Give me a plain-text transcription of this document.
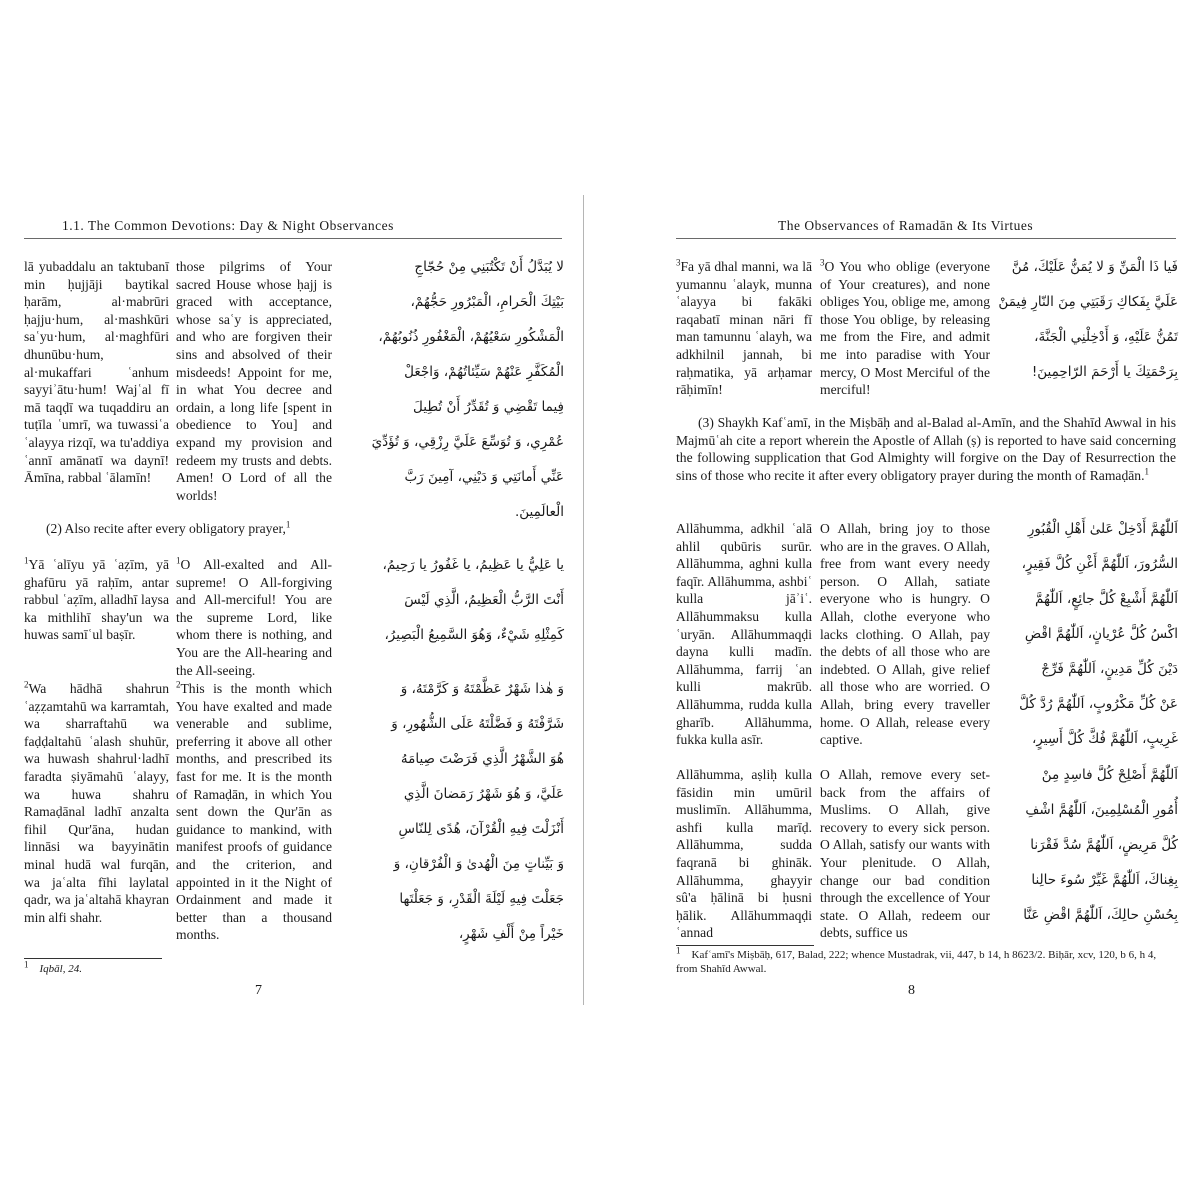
1.1. The Common Devotions: Day & Night Observances
lā yubaddalu an taktubanī min ḥujjāji baytikal ḥarām, al·mabrūri ḥajju·hum, al·mashkūri saʿyu·hum, al·maghfūri dhunūbu·hum, al·mukaffari ʿanhum sayyiʾātu·hum! Wajʿal fī mā taqḍī wa tuqaddiru an tuṭīla ʿumrī, wa tuwassiʿa ʿalayya rizqī, wa tu'addiya ʿannī amānatī wa daynī! Āmīna, rabbal ʿālamīn!
those pilgrims of Your sacred House whose ḥajj is graced with acceptance, whose saʿy is appreciated, and who are forgiven their sins and absolved of their misdeeds! Appoint for me, in what You decree and ordain, a long life [spent in obedience to You] and expand my provision and redeem my trusts and debts. Amen! O Lord of all the worlds!
لا يُبَدَّلُ أَنْ تَكْتُبَنِي مِنْ حُجّاجِ
بَيْتِكَ الْحَرامِ، الْمَبْرُورِ حَجُّهُمْ،
الْمَشْكُورِ سَعْيُهُمْ، الْمَغْفُورِ ذُنُوبُهُمْ،
الْمُكَفَّرِ عَنْهُمْ سَيِّئاتُهُمْ، وَاجْعَلْ
فِيما تَقْضِي وَ تُقَدِّرُ أَنْ تُطِيلَ
عُمْرِي، وَ تُوَسِّعَ عَلَيَّ رِزْقِي، وَ تُؤَدِّيَ
عَنِّي أَمانَتِي وَ دَيْنِي، آمِينَ رَبَّ
الْعالَمِينَ.
(2) Also recite after every obligatory prayer,$^1$
$^1$Yā ʿalīyu yā ʿaẓīm, yā ghafūru yā raḥīm, antar rabbul ʿaẓīm, alladhī laysa ka mithlihī shay'un wa huwas samīʿul baṣīr.
$^1$O All-exalted and All-supreme! O All-forgiving and All-merciful! You are the supreme Lord, like whom there is nothing, and You are the All-hearing and the All-seeing.
يا عَلِيُّ يا عَظِيمُ، يا غَفُورُ يا رَحِيمُ،
أَنْتَ الرَّبُّ الْعَظِيمُ، الَّذِي لَيْسَ
كَمِثْلِهِ شَيْءٌ، وَهُوَ السَّمِيعُ الْبَصِيرُ،
$^2$Wa hādhā shahrun ʿaẓẓamtahū wa karramtah, wa sharraftahū wa faḍḍaltahū ʿalash shuhūr, wa huwash shahrul·ladhī faradta ṣiyāmahū ʿalayy, wa huwa shahru Ramaḍānal ladhī anzalta fihil Qur'āna, hudan linnāsi wa bayyinātin minal hudā wal furqān, wa jaʿalta fīhi laylatal qadr, wa jaʿaltahā khayran min alfi shahr.
$^2$This is the month which You have exalted and made venerable and sublime, preferring it above all other months, and prescribed its fast for me. It is the month of Ramaḍān, in which You sent down the Qur'ān as guidance to mankind, with manifest proofs of guidance and the criterion, and appointed in it the Night of Ordainment and made it better than a thousand months.
وَ هٰذا شَهْرٌ عَظَّمْتَهُ وَ كَرَّمْتَهُ، وَ
شَرَّفْتَهُ وَ فَضَّلْتَهُ عَلَى الشُّهُورِ، وَ
هُوَ الشَّهْرُ الَّذِي فَرَضْتَ صِيامَهُ
عَلَيَّ، وَ هُوَ شَهْرُ رَمَضانَ الَّذِي
أَنْزَلْتَ فِيهِ الْقُرْآنَ، هُدًى لِلنّاسِ
وَ بَيِّناتٍ مِنَ الْهُدىٰ وَ الْفُرْقانِ، وَ
جَعَلْتَ فِيهِ لَيْلَةَ الْقَدْرِ، وَ جَعَلْتَها
خَيْراً مِنْ أَلْفِ شَهْرٍ،
$^1$ Iqbāl, 24.
7
The Observances of Ramadān & Its Virtues
$^3$Fa yā dhal manni, wa lā yumannu ʿalayk, munna ʿalayya bi fakāki raqabatī minan nāri fī man tamunnu ʿalayh, wa adkhilnil jannah, bi raḥmatika, yā arḥamar rāḥimīn!
$^3$O You who oblige (everyone of Your creatures), and none obliges You, oblige me, among those You oblige, by releasing me from the Fire, and admit me into paradise with Your mercy, O Most Merciful of the merciful!
فَيا ذَا الْمَنِّ وَ لا يُمَنُّ عَلَيْكَ، مُنَّ
عَلَيَّ بِفَكاكِ رَقَبَتِي مِنَ النّارِ فِيمَنْ
تَمُنُّ عَلَيْهِ، وَ أَدْخِلْنِي الْجَنَّةَ،
بِرَحْمَتِكَ يا أَرْحَمَ الرّاحِمِينَ!
(3) Shaykh Kafʿamī, in the Miṣbāḥ and al-Balad al-Amīn, and the Shahīd Awwal in his Majmūʿah cite a report wherein the Apostle of Allah (ṣ) is reported to have said concerning the following supplication that God Almighty will forgive on the Day of Resurrection the sins of those who recite it after every obligatory prayer during the month of Ramaḍān.$^1$
Allāhumma, adkhil ʿalā ahlil qubūris surūr. Allāhumma, aghni kulla faqīr. Allāhumma, ashbiʿ kulla jāʾiʿ. Allāhummaksu kulla ʿuryān. Allāhummaqḍi dayna kulli madīn. Allāhumma, farrij ʿan kulli makrūb. Allāhumma, rudda kulla gharīb. Allāhumma, fukka kulla asīr.
O Allah, bring joy to those who are in the graves. O Allah, free from want every needy person. O Allah, satiate everyone who is hungry. O Allah, clothe everyone who lacks clothing. O Allah, pay the debts of all those who are indebted. O Allah, give relief all those who are worried. O Allah, bring every traveller home. O Allah, release every captive.
اَللّٰهُمَّ أَدْخِلْ عَلىٰ أَهْلِ الْقُبُورِ
السُّرُورَ، اَللّٰهُمَّ أَغْنِ كُلَّ فَقِيرٍ،
اَللّٰهُمَّ أَشْبِعْ كُلَّ جائِعٍ، اَللّٰهُمَّ
اكْسُ كُلَّ عُرْيانٍ، اَللّٰهُمَّ اقْضِ
دَيْنَ كُلِّ مَدِينٍ، اَللّٰهُمَّ فَرِّجْ
عَنْ كُلِّ مَكْرُوبٍ، اَللّٰهُمَّ رُدَّ كُلَّ
غَرِيبٍ، اَللّٰهُمَّ فُكَّ كُلَّ أَسِيرٍ،
Allāhumma, aṣliḥ kulla fāsidin min umūril muslimīn. Allāhumma, ashfi kulla marīḍ. Allāhumma, sudda faqranā bi ghināk. Allāhumma, ghayyir sû'a ḥālinā bi ḥusni ḥālik. Allāhummaqḍi ʿannad
O Allah, remove every set-back from the affairs of Muslims. O Allah, give recovery to every sick person. O Allah, satisfy our wants with Your plenitude. O Allah, change our bad condition through the excellence of Your state. O Allah, redeem our debts, suffice us
اَللّٰهُمَّ أَصْلِحْ كُلَّ فاسِدٍ مِنْ
أُمُورِ الْمُسْلِمِينَ، اَللّٰهُمَّ اشْفِ
كُلَّ مَرِيضٍ، اَللّٰهُمَّ سُدَّ فَقْرَنا
بِغِناكَ، اَللّٰهُمَّ غَيِّرْ سُوءَ حالِنا
بِحُسْنِ حالِكَ، اَللّٰهُمَّ اقْضِ عَنَّا
$^1$ Kafʿamī's Miṣbāḥ, 617, Balad, 222; whence Mustadrak, vii, 447, b 14, h 8623/2. Biḥār, xcv, 120, b 6, h 4, from Shahīd Awwal.
8
